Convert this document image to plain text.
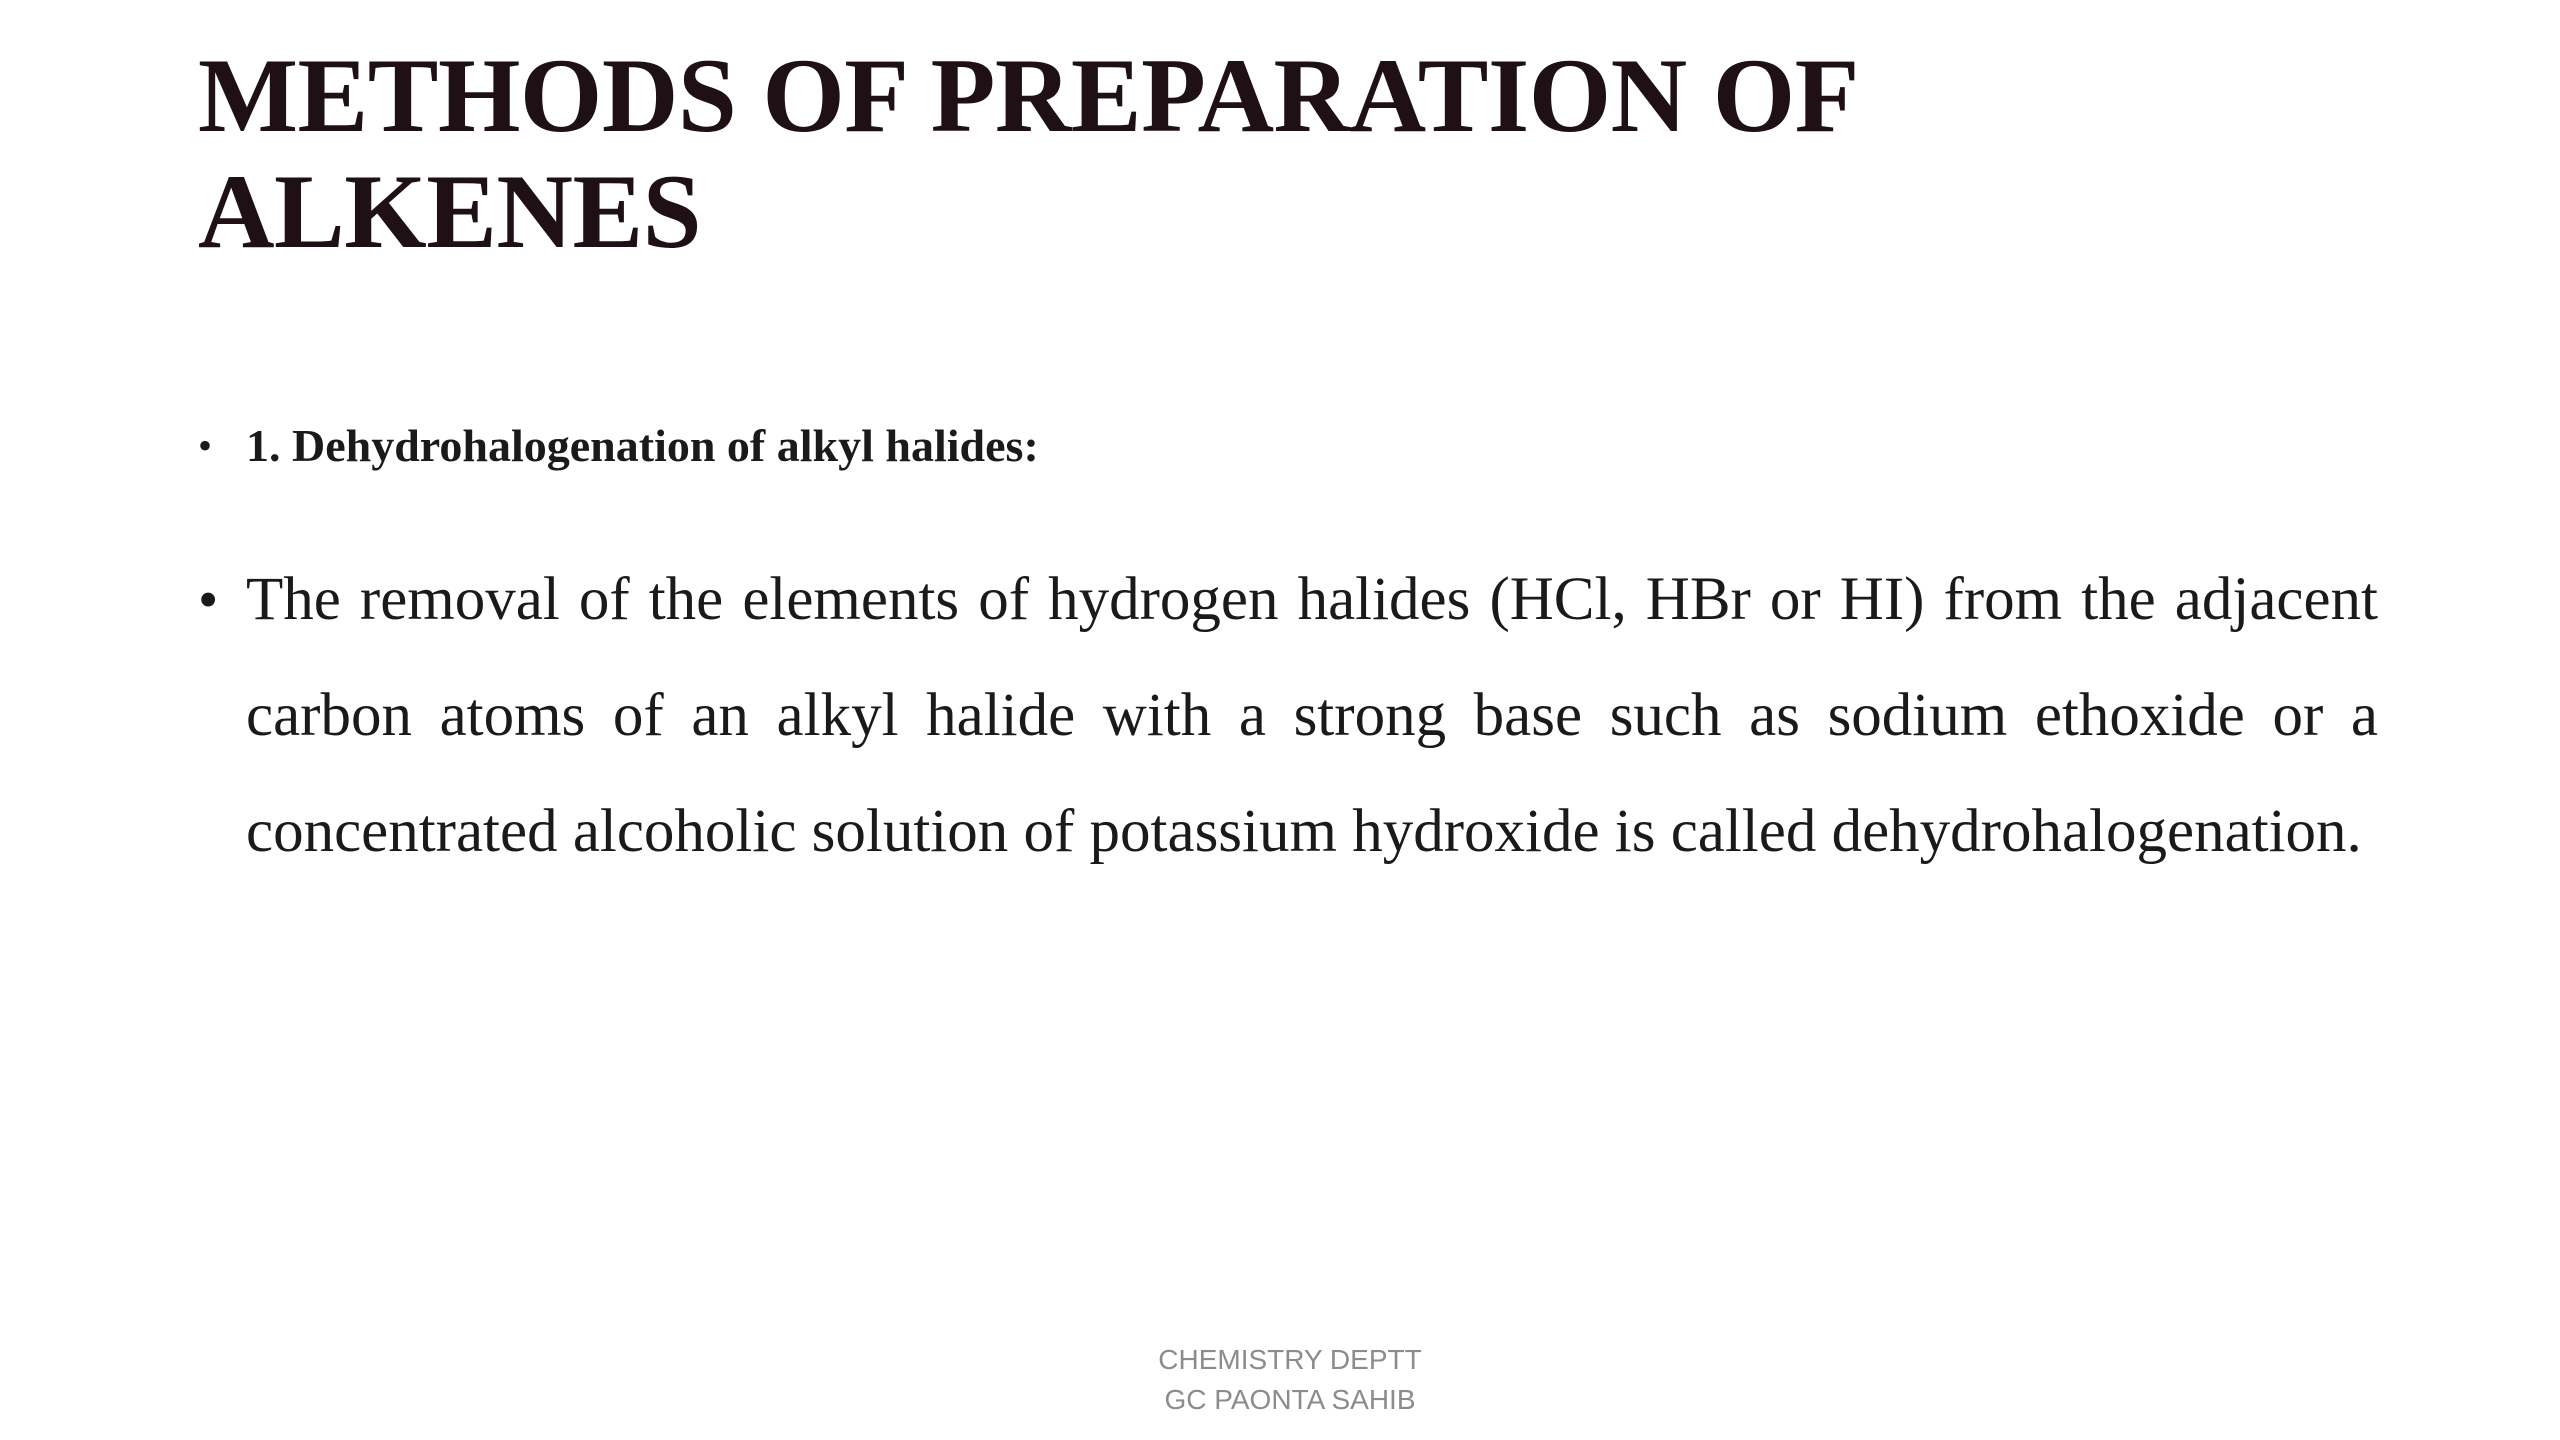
METHODS OF PREPARATION OF ALKENES
• 1. Dehydrohalogenation of alkyl halides:
• The removal of the elements of hydrogen halides (HCl, HBr or HI) from the adjacent carbon atoms of an alkyl halide with a strong base such as sodium ethoxide or a concentrated alcoholic solution of potassium hydroxide is called dehydrohalogenation.
CHEMISTRY DEPTT
GC PAONTA SAHIB
